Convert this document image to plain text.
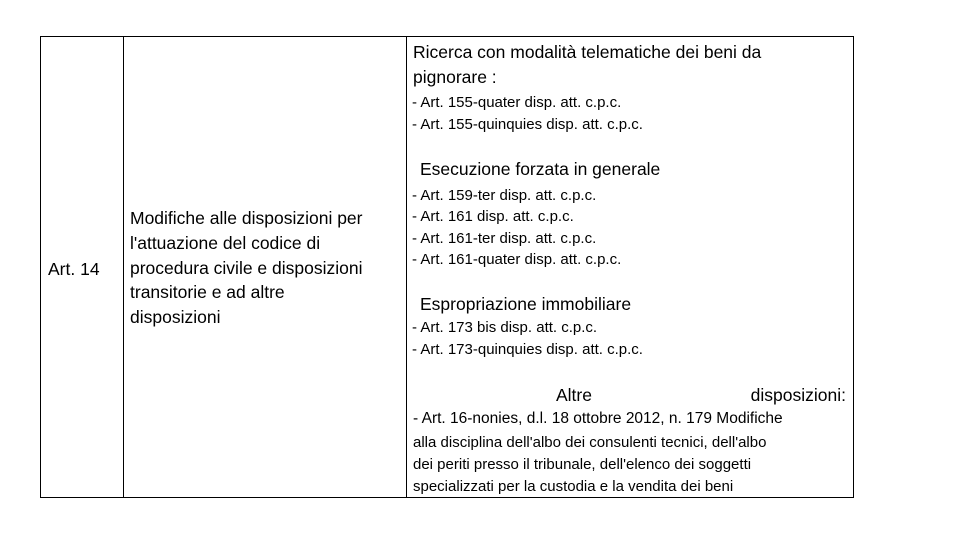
Art. 14
Modifiche alle disposizioni per
l'attuazione del codice di
procedura civile e disposizioni
transitorie e ad altre
disposizioni
Ricerca con modalità telematiche dei beni da
pignorare :
- Art. 155-quater disp. att. c.p.c.
- Art. 155-quinquies disp. att. c.p.c.
Esecuzione forzata in generale
- Art. 159-ter disp. att. c.p.c.
- Art. 161 disp. att. c.p.c.
- Art. 161-ter disp. att. c.p.c.
- Art. 161-quater disp. att. c.p.c.
Espropriazione immobiliare
- Art. 173 bis disp. att. c.p.c.
- Art. 173-quinquies disp. att. c.p.c.
Altre	disposizioni:
- Art. 16-nonies, d.l. 18 ottobre 2012, n. 179 Modifiche
alla disciplina dell'albo dei consulenti tecnici, dell'albo
dei periti presso il tribunale, dell'elenco dei soggetti
specializzati per la custodia e la vendita dei beni
